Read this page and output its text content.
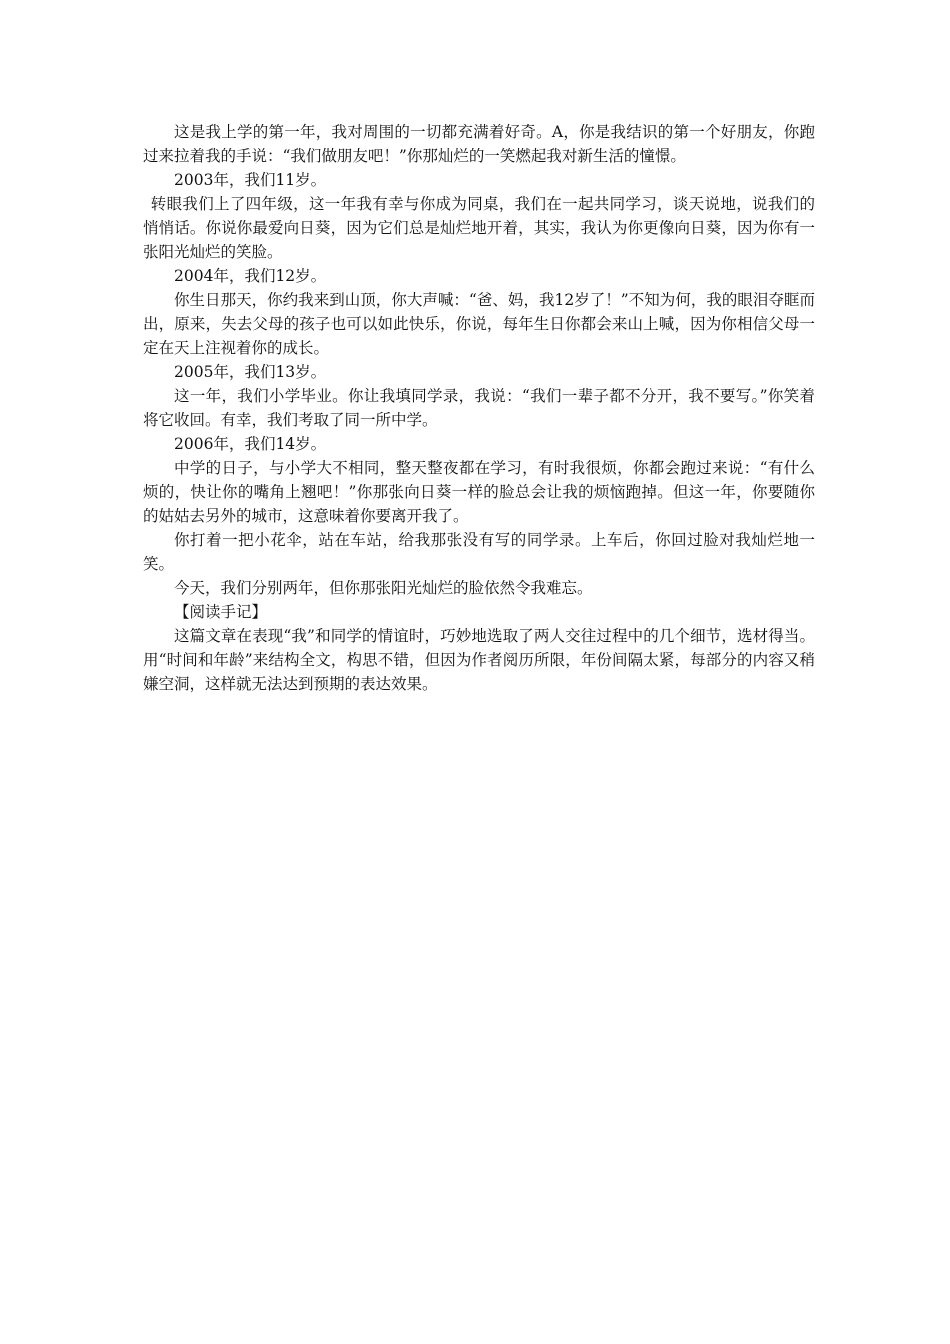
这是我上学的第一年，我对周围的一切都充满着好奇。A，你是我结识的第一个好朋友，你跑过来拉着我的手说：“我们做朋友吧！”你那灿烂的一笑燃起我对新生活的憧憬。

2003年，我们11岁。

转眼我们上了四年级，这一年我有幸与你成为同桌，我们在一起共同学习，谈天说地，说我们的悄悄话。你说你最爱向日葵，因为它们总是灿烂地开着，其实，我认为你更像向日葵，因为你有一张阳光灿烂的笑脸。

2004年，我们12岁。

你生日那天，你约我来到山顶，你大声喊：“爸、妈，我12岁了！”不知为何，我的眼泪夺眶而出，原来，失去父母的孩子也可以如此快乐，你说，每年生日你都会来山上喊，因为你相信父母一定在天上注视着你的成长。

2005年，我们13岁。

这一年，我们小学毕业。你让我填同学录，我说：“我们一辈子都不分开，我不要写。”你笑着将它收回。有幸，我们考取了同一所中学。

2006年，我们14岁。

中学的日子，与小学大不相同，整天整夜都在学习，有时我很烦，你都会跑过来说：“有什么烦的，快让你的嘴角上翘吧！”你那张向日葵一样的脸总会让我的烦恼跑掉。但这一年，你要随你的姑姑去另外的城市，这意味着你要离开我了。

你打着一把小花伞，站在车站，给我那张没有写的同学录。上车后，你回过脸对我灿烂地一笑。

今天，我们分别两年，但你那张阳光灿烂的脸依然令我难忘。

【阅读手记】

这篇文章在表现“我”和同学的情谊时，巧妙地选取了两人交往过程中的几个细节，选材得当。用“时间和年龄”来结构全文，构思不错，但因为作者阅历所限，年份间隔太紧，每部分的内容又稍嫌空洞，这样就无法达到预期的表达效果。
